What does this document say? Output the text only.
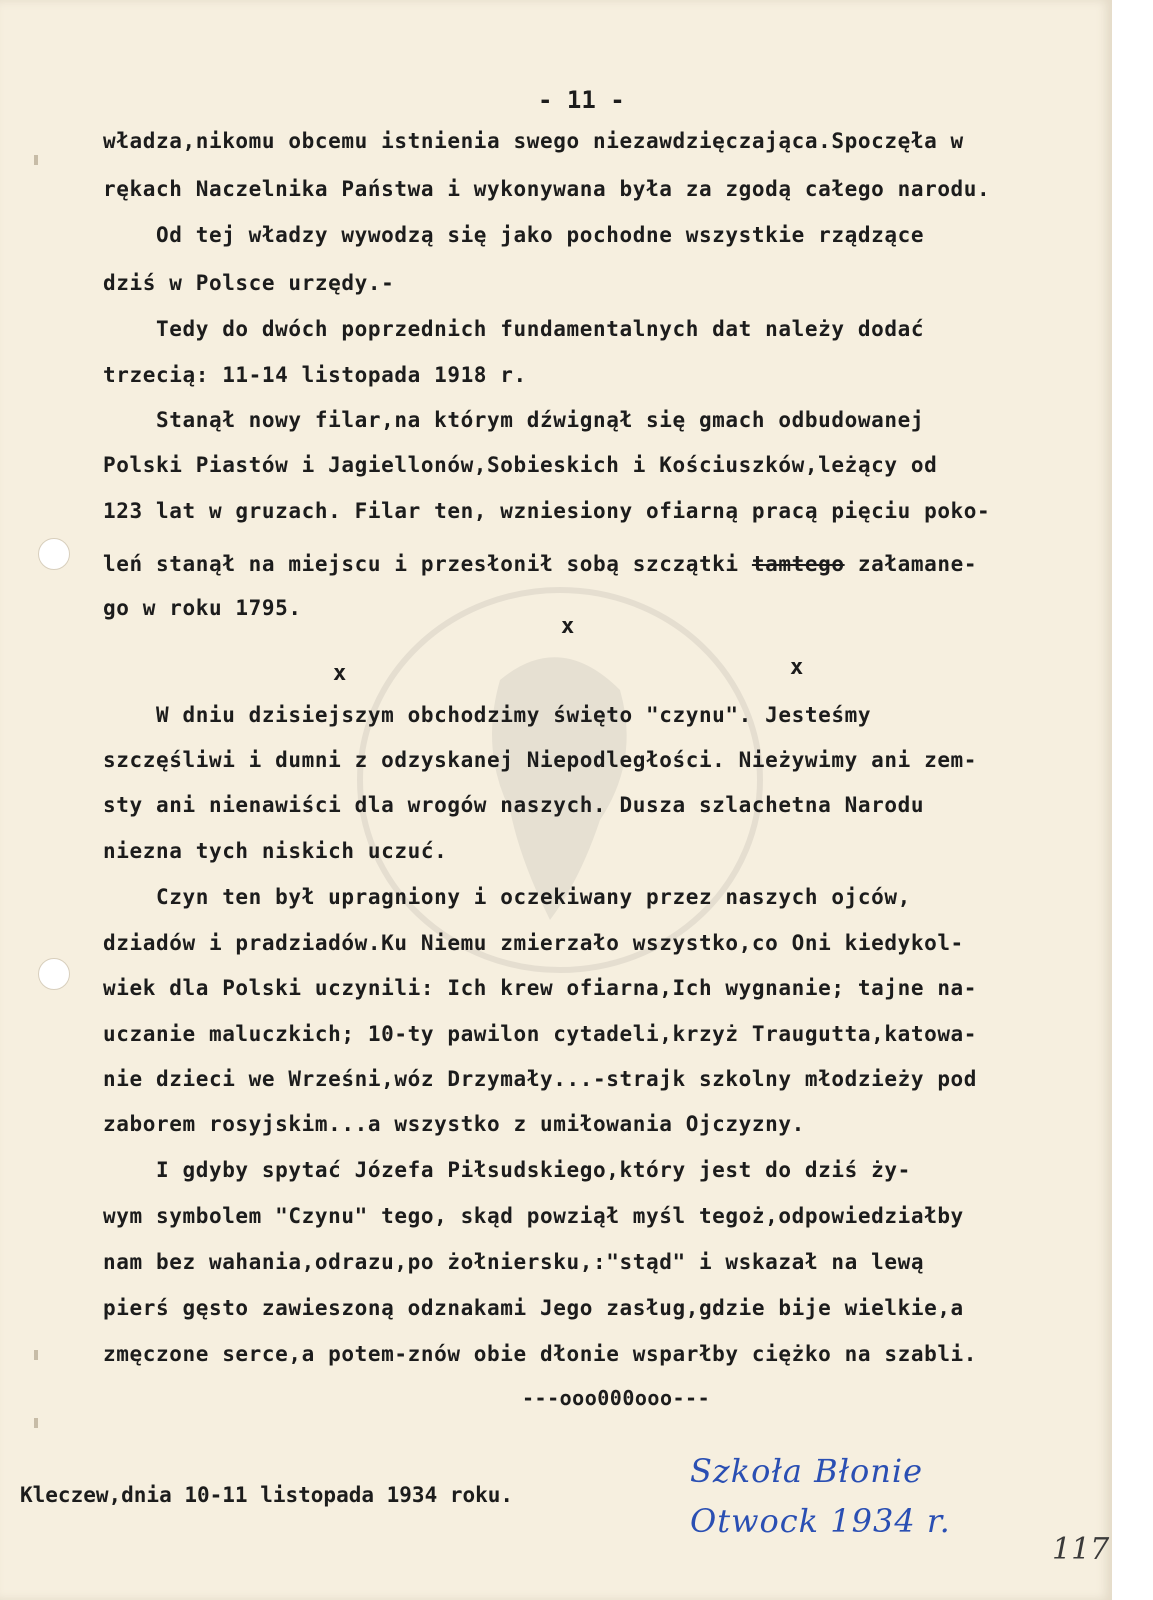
- 11 -
władza,nikomu obcemu istnienia swego niezawdzięczająca.Spoczęła w
rękach Naczelnika Państwa i wykonywana była za zgodą całego narodu.
Od tej władzy wywodzą się jako pochodne wszystkie rządzące
dziś w Polsce urzędy.-
Tedy do dwóch poprzednich fundamentalnych dat należy dodać
trzecią: 11-14 listopada 1918 r.
Stanął nowy filar,na którym dźwignął się gmach odbudowanej
Polski Piastów i Jagiellonów,Sobieskich i Kościuszków,leżący od
123 lat w gruzach. Filar ten, wzniesiony ofiarną pracą pięciu poko-
leń stanął na miejscu i przesłonił sobą szczątki tamtego załamane-
go w roku 1795.
x
x	x
W dniu dzisiejszym obchodzimy święto "czynu". Jesteśmy
szczęśliwi i dumni z odzyskanej Niepodległości. Nieżywimy ani zem-
sty ani nienawiści dla wrogów naszych. Dusza szlachetna Narodu
nieznа tych niskich uczuć.
Czyn ten był upragniony i oczekiwany przez naszych ojców,
dziadów i pradziadów.Ku Niemu zmierzało wszystko,co Oni kiedykol-
wiek dla Polski uczynili: Ich krew ofiarna,Ich wygnanie; tajne na-
uczanie maluczkich; 10-ty pawilon cytadeli,krzyż Traugutta,katowa-
nie dzieci we Wrześni,wóz Drzymały...-strajk szkolny młodzieży pod
zaborem rosyjskim...a wszystko z umiłowania Ojczyzny.
I gdyby spytać Józefa Piłsudskiego,który jest do dziś ży-
wym symbolem "Czynu" tego, skąd powziął myśl tegoż,odpowiedziałby
nam bez wahania,odrazu,po żołniersku,:"stąd" i wskazał na lewą
pierś gęsto zawieszoną odznakami Jego zasług,gdzie bije wielkie,a
zmęczone serce,a potem-znów obie dłonie wsparłby ciężko na szabli.
---ooo000ooo---
Kleczew,dnia 10-11 listopada 1934 roku.
Szkoła Błonie
Otwock 1934 r.
117
